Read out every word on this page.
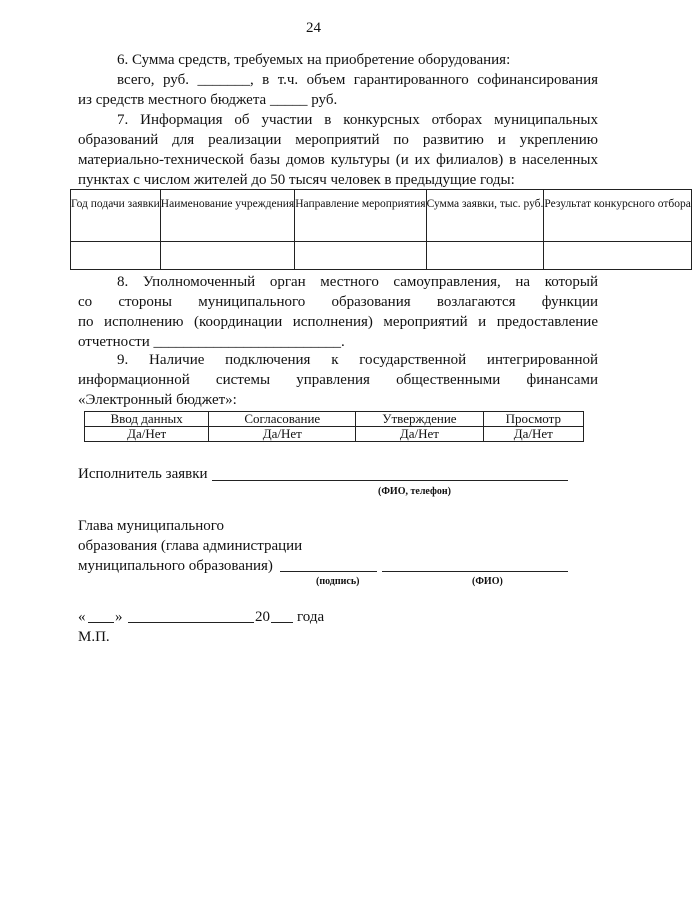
24
6. Сумма средств, требуемых на приобретение оборудования:
всего, руб. _______, в т.ч. объем гарантированного софинансирования
из средств местного бюджета _____ руб.
7. Информация об участии в конкурсных отборах муниципальных
образований для реализации мероприятий по развитию и укреплению
материально-технической базы домов культуры (и их филиалов) в населенных
пунктах с числом жителей до 50 тысяч человек в предыдущие годы:
Год подачи заявки	Наименование учреждения	Направление мероприятия	Сумма заявки, тыс. руб.	Результат конкурсного отбора

8. Уполномоченный орган местного самоуправления, на который
со стороны муниципального образования возлагаются функции
по исполнению (координации исполнения) мероприятий и предоставление
отчетности _________________________.
9. Наличие подключения к государственной интегрированной
информационной системы управления общественными финансами
«Электронный бюджет»:
Ввод данных	Согласование	Утверждение	Просмотр
Да/Нет	Да/Нет	Да/Нет	Да/Нет
Исполнитель заявки
(ФИО, телефон)
Глава муниципального
образования (глава администрации
муниципального образования)
(подпись)	(ФИО)
« »	20 года
М.П.
